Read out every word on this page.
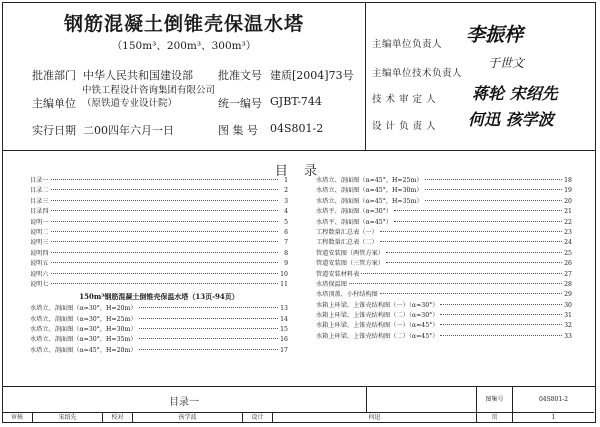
钢筋混凝土倒锥壳保温水塔
（150m³、200m³、300m³）
批准部门 中华人民共和国建设部 批准文号 建质[2004]73号
主编单位
中铁工程设计咨询集团有限公司
（原铁道专业设计院）	统一编号 GJBT-744
实行日期 二00四年六月一日	图 集 号 04S801-2
主编单位负责人 李振梓
主编单位技术负责人
于世文
技 术 审 定 人 蒋轮 宋绍先
设 计 负 责 人 何迅 孩学波
目 录
目录一	1
目录二	2
目录三	3
目录四	4
说明一	5
说明二	6
说明三	7
说明四	8
说明五	9
说明六	10
说明七	11
150m³钢筋混凝土倒锥壳保温水塔（13页-94页）
水塔立、剖面图（α=30°，H=20m）	13
水塔立、剖面图（α=30°，H=25m）	14
水塔立、剖面图（α=30°，H=30m）	15
水塔立、剖面图（α=30°，H=35m）	16
水塔立、剖面图（α=45°，H=20m）	17
水塔立、剖面图（α=45°，H=25m）	18
水塔立、剖面图（α=45°，H=30m）	19
水塔立、剖面图（α=45°，H=35m）	20
水塔平、剖面图（α=30°）	21
水塔平、剖面图（α=45°）	22
工程数量汇总表（一）	23
工程数量汇总表（二）	24
管道安装图（两管方案）	25
管道安装图（三管方案）	26
管道安装材料表	27
水塔保温图	28
水塔顶盖、小柱结构图	29
水箱上环梁、上锥壳结构图（一）（α=30°）	30
水箱上环梁、上锥壳结构图（二）（α=30°）	31
水箱上环梁、上锥壳结构图（一）（α=45°）	32
水箱上环梁、上锥壳结构图（二）（α=45°）	33
目录一	图集号	04S801-2
审核	宋绍先	校对	孩学波	设计	何迅	页	1
